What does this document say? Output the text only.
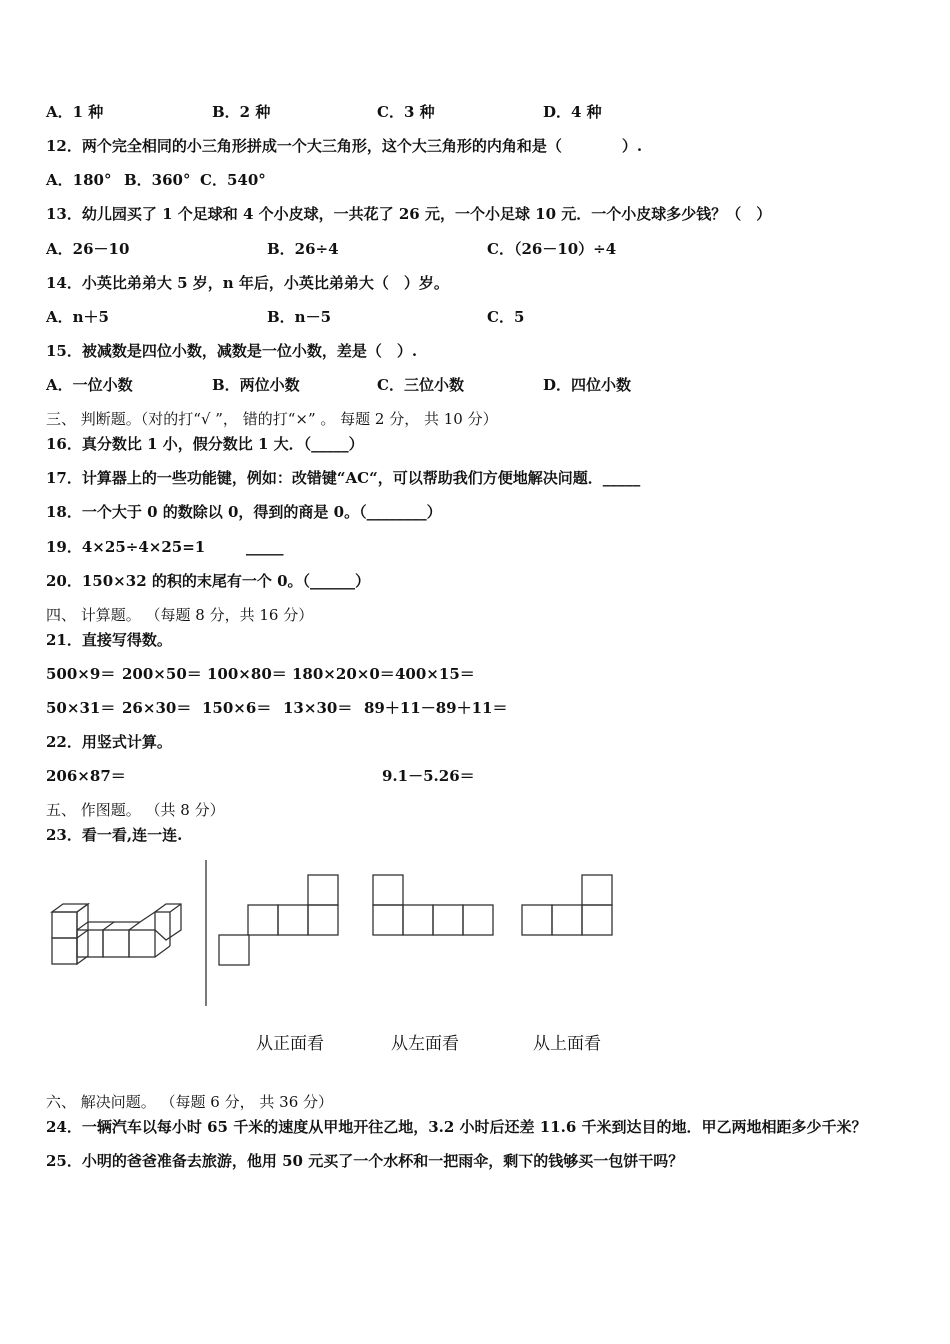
A．1 种	B．2 种	C．3 种	D．4 种
12．两个完全相同的小三角形拼成一个大三角形，这个大三角形的内角和是（　　　　）.
A．180° B．360° C．540°
13．幼儿园买了 1 个足球和 4 个小皮球，一共花了 26 元，一个小足球 10 元．一个小皮球多少钱？（　）
A．26－10	B．26÷4	C．（26－10）÷4
14．小英比弟弟大 5 岁，n 年后，小英比弟弟大（　）岁。
A．n＋5	B．n－5	C．5
15．被减数是四位小数，减数是一位小数，差是（　）.
A．一位小数	B．两位小数	C．三位小数	D．四位小数
三、 判断题。（对的打“√ ”， 错的打“×” 。 每题 2 分， 共 10 分）
16．真分数比 1 小，假分数比 1 大．（_____）
17．计算器上的一些功能键，例如：改错键“AC“，可以帮助我们方便地解决问题．_____
18．一个大于 0 的数除以 0，得到的商是 0。（________）
19．4×25÷4×25=1	_____
20．150×32 的积的末尾有一个 0。（______）
四、 计算题。 （每题 8 分，共 16 分）
21．直接写得数。
500×9＝ 200×50＝ 100×80＝ 180×20×0＝ 400×15＝
50×31＝ 26×30＝ 150×6＝ 13×30＝ 89＋11－89＋11＝
22．用竖式计算。
206×87＝	9.1－5.26＝
五、 作图题。 （共 8 分）
23．看一看,连一连.
从正面看	从左面看	从上面看
六、 解决问题。 （每题 6 分， 共 36 分）
24．一辆汽车以每小时 65 千米的速度从甲地开往乙地，3.2 小时后还差 11.6 千米到达目的地．甲乙两地相距多少千米？
25．小明的爸爸准备去旅游，他用 50 元买了一个水杯和一把雨伞，剩下的钱够买一包饼干吗？
